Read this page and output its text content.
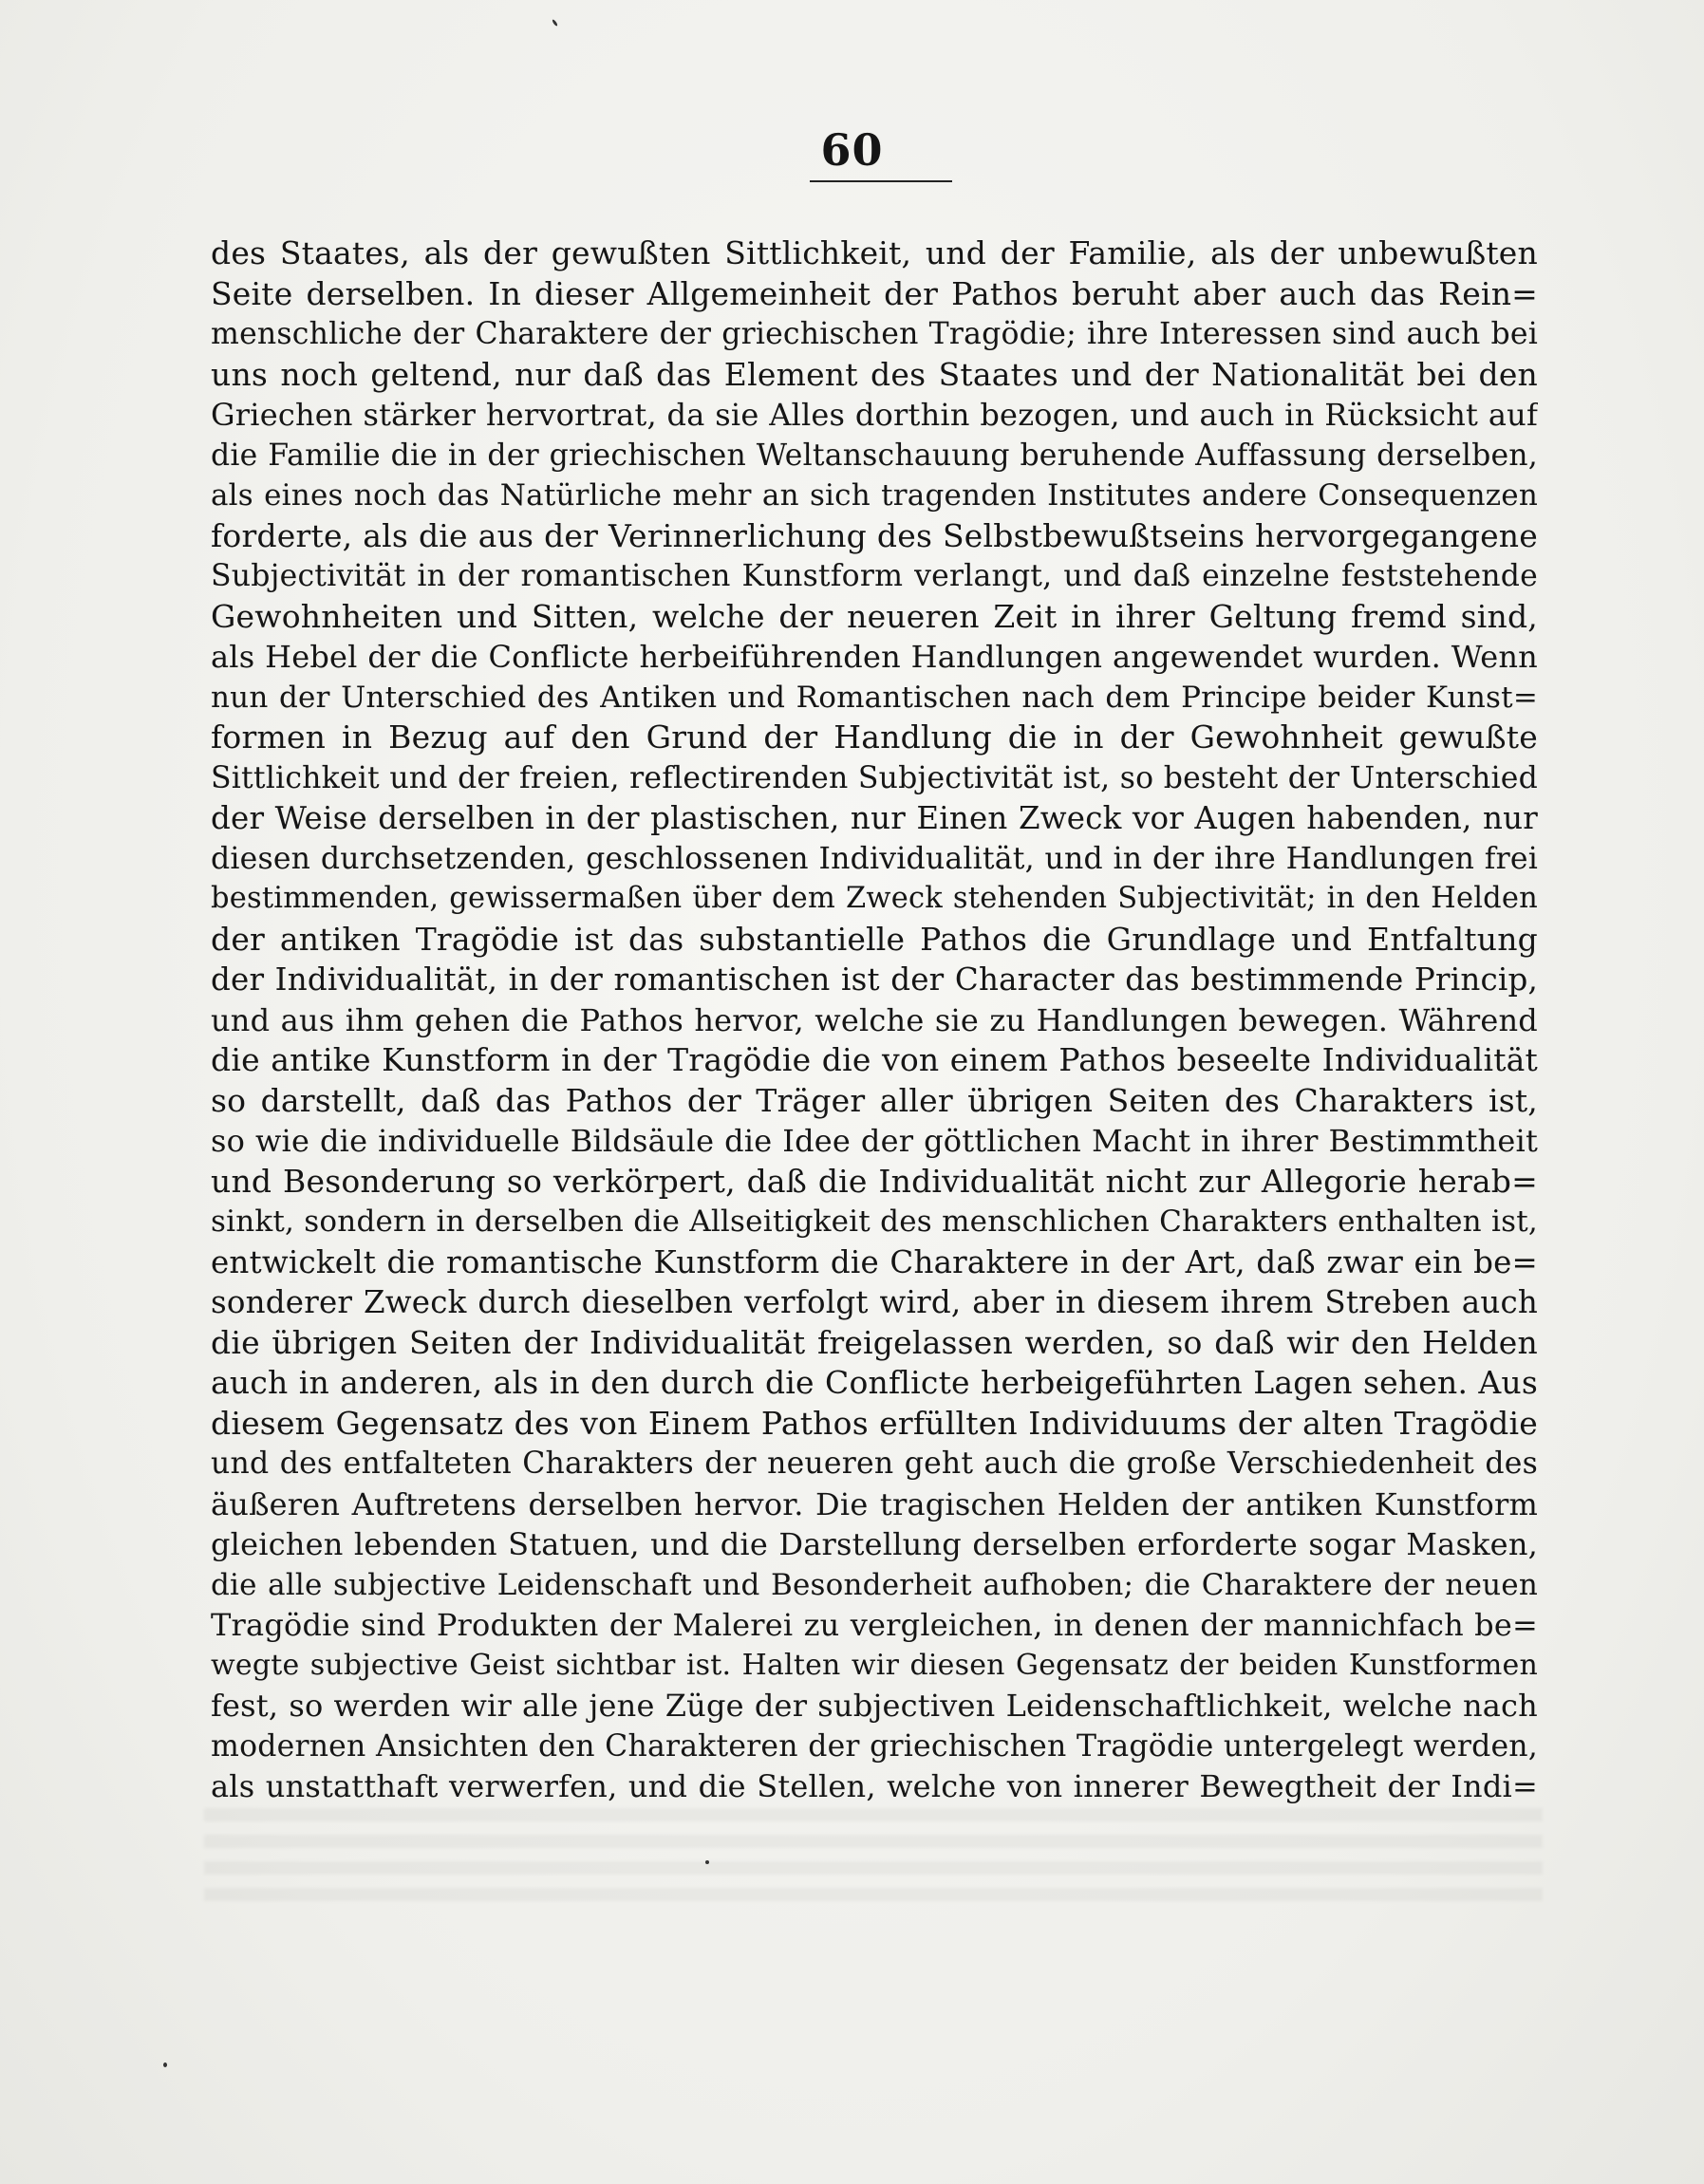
60
des Staates, als der gewußten Sittlichkeit, und der Familie, als der unbewußten
Seite derselben. In dieser Allgemeinheit der Pathos beruht aber auch das Rein=
menschliche der Charaktere der griechischen Tragödie; ihre Interessen sind auch bei
uns noch geltend, nur daß das Element des Staates und der Nationalität bei den
Griechen stärker hervortrat, da sie Alles dorthin bezogen, und auch in Rücksicht auf
die Familie die in der griechischen Weltanschauung beruhende Auffassung derselben,
als eines noch das Natürliche mehr an sich tragenden Institutes andere Consequenzen
forderte, als die aus der Verinnerlichung des Selbstbewußtseins hervorgegangene
Subjectivität in der romantischen Kunstform verlangt, und daß einzelne feststehende
Gewohnheiten und Sitten, welche der neueren Zeit in ihrer Geltung fremd sind,
als Hebel der die Conflicte herbeiführenden Handlungen angewendet wurden. Wenn
nun der Unterschied des Antiken und Romantischen nach dem Principe beider Kunst=
formen in Bezug auf den Grund der Handlung die in der Gewohnheit gewußte
Sittlichkeit und der freien, reflectirenden Subjectivität ist, so besteht der Unterschied
der Weise derselben in der plastischen, nur Einen Zweck vor Augen habenden, nur
diesen durchsetzenden, geschlossenen Individualität, und in der ihre Handlungen frei
bestimmenden, gewissermaßen über dem Zweck stehenden Subjectivität; in den Helden
der antiken Tragödie ist das substantielle Pathos die Grundlage und Entfaltung
der Individualität, in der romantischen ist der Character das bestimmende Princip,
und aus ihm gehen die Pathos hervor, welche sie zu Handlungen bewegen. Während
die antike Kunstform in der Tragödie die von einem Pathos beseelte Individualität
so darstellt, daß das Pathos der Träger aller übrigen Seiten des Charakters ist,
so wie die individuelle Bildsäule die Idee der göttlichen Macht in ihrer Bestimmtheit
und Besonderung so verkörpert, daß die Individualität nicht zur Allegorie herab=
sinkt, sondern in derselben die Allseitigkeit des menschlichen Charakters enthalten ist,
entwickelt die romantische Kunstform die Charaktere in der Art, daß zwar ein be=
sonderer Zweck durch dieselben verfolgt wird, aber in diesem ihrem Streben auch
die übrigen Seiten der Individualität freigelassen werden, so daß wir den Helden
auch in anderen, als in den durch die Conflicte herbeigeführten Lagen sehen. Aus
diesem Gegensatz des von Einem Pathos erfüllten Individuums der alten Tragödie
und des entfalteten Charakters der neueren geht auch die große Verschiedenheit des
äußeren Auftretens derselben hervor. Die tragischen Helden der antiken Kunstform
gleichen lebenden Statuen, und die Darstellung derselben erforderte sogar Masken,
die alle subjective Leidenschaft und Besonderheit aufhoben; die Charaktere der neuen
Tragödie sind Produkten der Malerei zu vergleichen, in denen der mannichfach be=
wegte subjective Geist sichtbar ist. Halten wir diesen Gegensatz der beiden Kunstformen
fest, so werden wir alle jene Züge der subjectiven Leidenschaftlichkeit, welche nach
modernen Ansichten den Charakteren der griechischen Tragödie untergelegt werden,
als unstatthaft verwerfen, und die Stellen, welche von innerer Bewegtheit der Indi=
